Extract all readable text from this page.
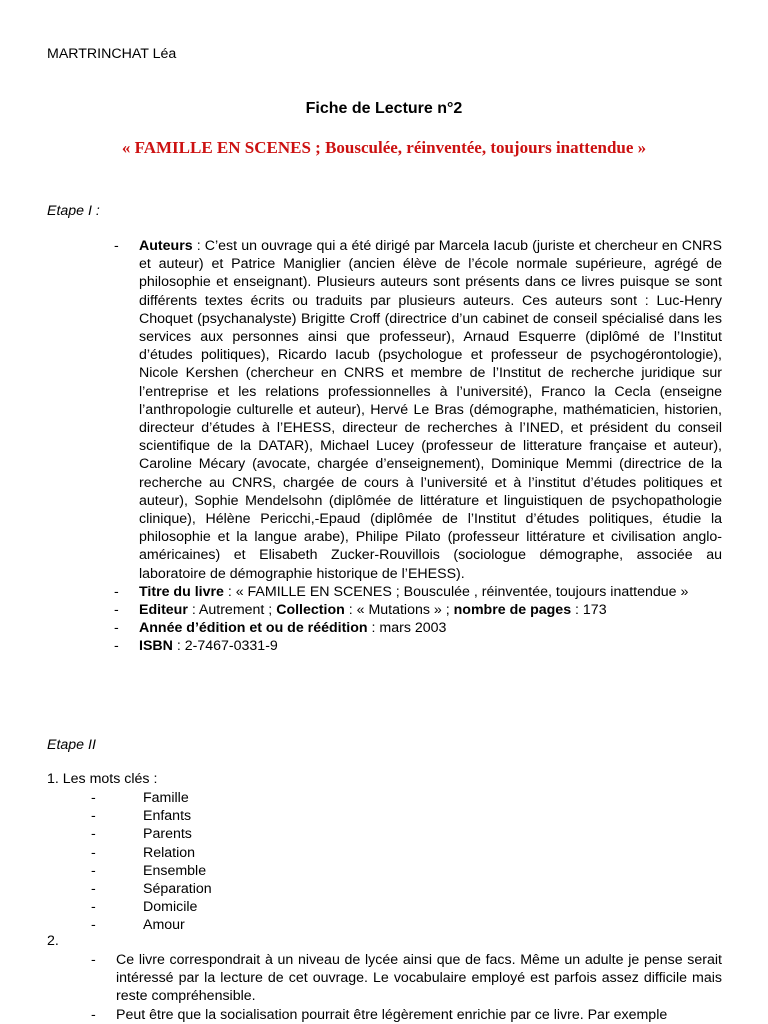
MARTRINCHAT Léa
Fiche de Lecture n°2
« FAMILLE EN SCENES ; Bousculée, réinventée, toujours inattendue »
Etape I :
- Auteurs : C’est un ouvrage qui a été dirigé par Marcela Iacub (juriste et chercheur en CNRS et auteur) et Patrice Maniglier (ancien élève de l’école normale supérieure, agrégé de philosophie et enseignant). Plusieurs auteurs sont présents dans ce livres puisque se sont différents textes écrits ou traduits par plusieurs auteurs. Ces auteurs sont : Luc-Henry Choquet (psychanalyste) Brigitte Croff (directrice d’un cabinet de conseil spécialisé dans les services aux personnes ainsi que professeur), Arnaud Esquerre (diplômé de l’Institut d’études politiques), Ricardo Iacub (psychologue et professeur de psychogérontologie), Nicole Kershen (chercheur en CNRS et membre de l’Institut de recherche juridique sur l’entreprise et les relations professionnelles à l’université), Franco la Cecla (enseigne l’anthropologie culturelle et auteur), Hervé Le Bras (démographe, mathématicien, historien, directeur d’études à l’EHESS, directeur de recherches à l’INED, et président du conseil scientifique de la DATAR), Michael Lucey (professeur de litterature française et auteur), Caroline Mécary (avocate, chargée d’enseignement), Dominique Memmi (directrice de la recherche au CNRS, chargée de cours à l’université et à l’institut d’études politiques et auteur), Sophie Mendelsohn (diplômée de littérature et linguistiquen de psychopathologie clinique), Hélène Pericchi,-Epaud (diplômée de l’Institut d’études politiques, étudie la philosophie et la langue arabe), Philipe Pilato (professeur littérature et civilisation anglo-américaines) et Elisabeth Zucker-Rouvillois (sociologue démographe, associée au laboratoire de démographie historique de l’EHESS).
- Titre du livre : « FAMILLE EN SCENES ; Bousculée , réinventée, toujours inattendue »
- Editeur : Autrement ; Collection : « Mutations » ; nombre de pages : 173
- Année d’édition et ou de réédition : mars 2003
- ISBN : 2-7467-0331-9
Etape II
1. Les mots clés :
-	Famille
-	Enfants
-	Parents
-	Relation
-	Ensemble
-	Séparation
-	Domicile
-	Amour
2.
- Ce livre correspondrait à un niveau de lycée ainsi que de facs. Même un adulte je pense serait intéressé par la lecture de cet ouvrage. Le vocabulaire employé est parfois assez difficile mais reste compréhensible.
- Peut être que la socialisation pourrait être légèrement enrichie par ce livre. Par exemple
